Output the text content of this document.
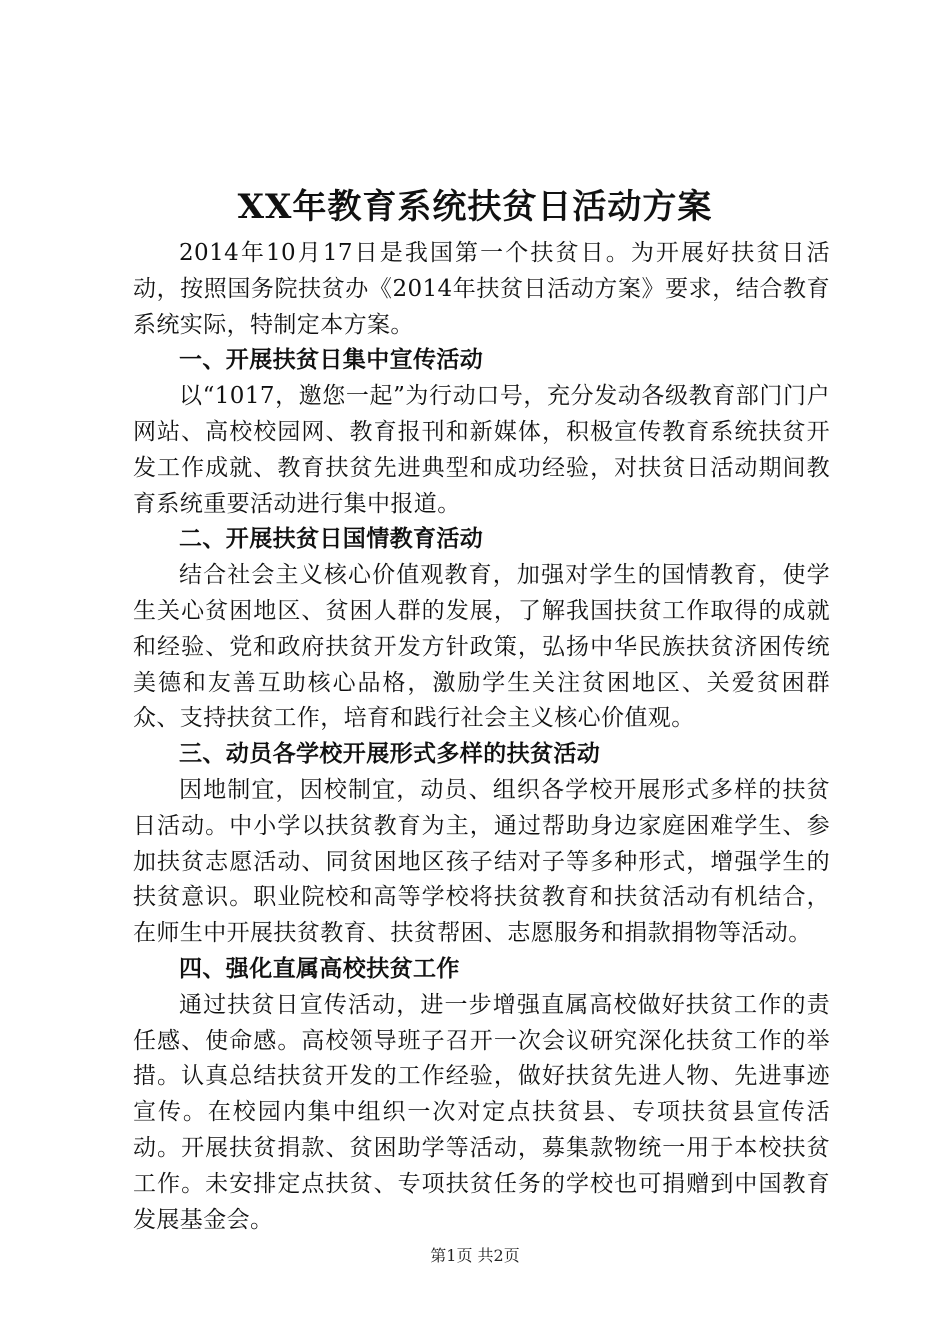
XX年教育系统扶贫日活动方案

2014年10月17日是我国第一个扶贫日。为开展好扶贫日活动，按照国务院扶贫办《2014年扶贫日活动方案》要求，结合教育系统实际，特制定本方案。

一、开展扶贫日集中宣传活动

以“1017，邀您一起”为行动口号，充分发动各级教育部门门户网站、高校校园网、教育报刊和新媒体，积极宣传教育系统扶贫开发工作成就、教育扶贫先进典型和成功经验，对扶贫日活动期间教育系统重要活动进行集中报道。

二、开展扶贫日国情教育活动

结合社会主义核心价值观教育，加强对学生的国情教育，使学生关心贫困地区、贫困人群的发展，了解我国扶贫工作取得的成就和经验、党和政府扶贫开发方针政策，弘扬中华民族扶贫济困传统美德和友善互助核心品格，激励学生关注贫困地区、关爱贫困群众、支持扶贫工作，培育和践行社会主义核心价值观。

三、动员各学校开展形式多样的扶贫活动

因地制宜，因校制宜，动员、组织各学校开展形式多样的扶贫日活动。中小学以扶贫教育为主，通过帮助身边家庭困难学生、参加扶贫志愿活动、同贫困地区孩子结对子等多种形式，增强学生的扶贫意识。职业院校和高等学校将扶贫教育和扶贫活动有机结合，在师生中开展扶贫教育、扶贫帮困、志愿服务和捐款捐物等活动。

四、强化直属高校扶贫工作

通过扶贫日宣传活动，进一步增强直属高校做好扶贫工作的责任感、使命感。高校领导班子召开一次会议研究深化扶贫工作的举措。认真总结扶贫开发的工作经验，做好扶贫先进人物、先进事迹宣传。在校园内集中组织一次对定点扶贫县、专项扶贫县宣传活动。开展扶贫捐款、贫困助学等活动，募集款物统一用于本校扶贫工作。未安排定点扶贫、专项扶贫任务的学校也可捐赠到中国教育发展基金会。

第1页 共2页
